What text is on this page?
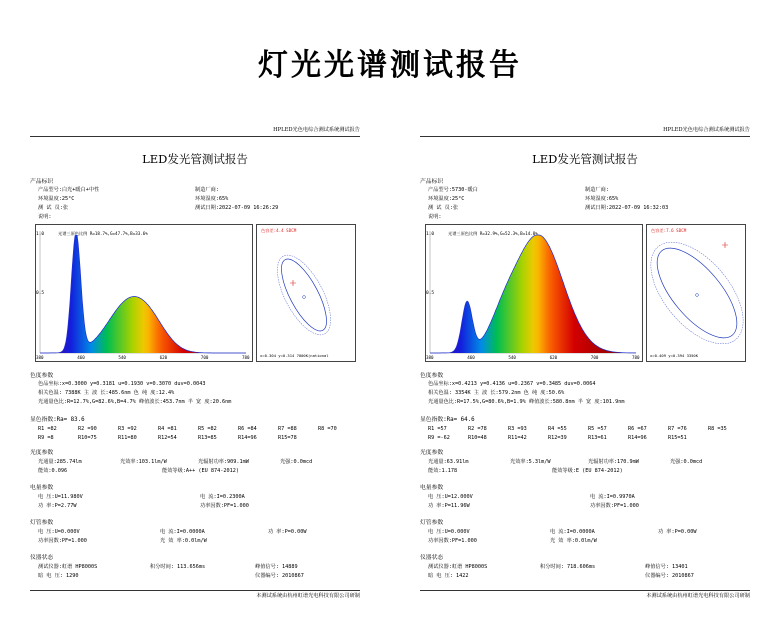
灯光光谱测试报告
HPLED光色电综合测试系统测试报告
LED发光管测试报告
产品标识
产品型号:白光+暖白+中性	制造厂商:
环境温度:25°C	环境湿度:65%
测 试 员:张	测试日期:2022-07-09 16:26:29
说明:
1.0
0.5
光谱三原色比例 R=18.7%,G=47.7%,B=33.6%
380	460	540	620	700	780
色容差:4.4 SDCM
x=0.304 y=0.314 7000K(national
色度参数
色品坐标:x=0.3000 y=0.3181 u=0.1930 v=0.3070 duv=0.0043
相关色温: 7388K 主 波 长:485.6nm 色 纯 度:12.4%
光通量色比:R=12.7%,G=82.6%,B=4.7% 峰值波长:453.7nm 半 宽 度:20.6nm
显色指数:Ra= 83.6
R1 =82	R2 =90	R3 =92	R4 =81	R5 =82	R6 =84	R7 =88	R8 =70
R9 =8	R10=75	R11=80	R12=54	R13=85	R14=96	R15=78
光度参数
光通量:285.74lm	光效率:103.1lm/W	光辐射功率:909.1mW	光强:0.0mcd
能效:0.096	能效等级:A++ (EU 874-2012)
电量参数
电 压:U=11.980V	电 流:I=0.2300A
功 率:P=2.77W	功率因数:PF=1.000
灯管参数
电 压:U=0.000V	电 流:I=0.0000A	功 率:P=0.00W
功率因数:PF=1.000	光 效 率:0.0lm/W
仪器状态
测试仪器:虹谱 HP8000S	积分时间: 113.656ms	峰值信号: 14889
暗 电 压: 1290	仪器编号: 2010867
本测试系统由杭州虹谱光电科技有限公司研制
HPLED光色电综合测试系统测试报告
LED发光管测试报告
产品标识
产品型号:5730-暖白	制造厂商:
环境温度:25°C	环境湿度:65%
测 试 员:张	测试日期:2022-07-09 16:32:03
说明:
1.0
0.5
光谱三原色比例 R=32.9%,G=52.3%,B=14.8%
380	460	540	620	700	780
色容差:7.6 SDCM
x=0.409 y=0.394 3350K
色度参数
色品坐标:x=0.4213 y=0.4136 u=0.2367 v=0.3485 duv=0.0064
相关色温: 3354K 主 波 长:579.2nm 色 纯 度:50.6%
光通量色比:R=17.5%,G=80.6%,B=1.9% 峰值波长:580.8nm 半 宽 度:101.9nm
显色指数:Ra= 64.6
R1 =57	R2 =78	R3 =93	R4 =55	R5 =57	R6 =67	R7 =76	R8 =35
R9 =-62	R10=48	R11=42	R12=39	R13=61	R14=96	R15=51
光度参数
光通量:63.91lm	光效率:5.3lm/W	光辐射功率:170.9mW	光强:0.0mcd
能效:1.178	能效等级:E (EU 874-2012)
电量参数
电 压:U=12.000V	电 流:I=0.9970A
功 率:P=11.96W	功率因数:PF=1.000
灯管参数
电 压:U=0.000V	电 流:I=0.0000A	功 率:P=0.00W
功率因数:PF=1.000	光 效 率:0.0lm/W
仪器状态
测试仪器:虹谱 HP8000S	积分时间: 718.606ms	峰值信号: 13401
暗 电 压: 1422	仪器编号: 2010867
本测试系统由杭州虹谱光电科技有限公司研制
